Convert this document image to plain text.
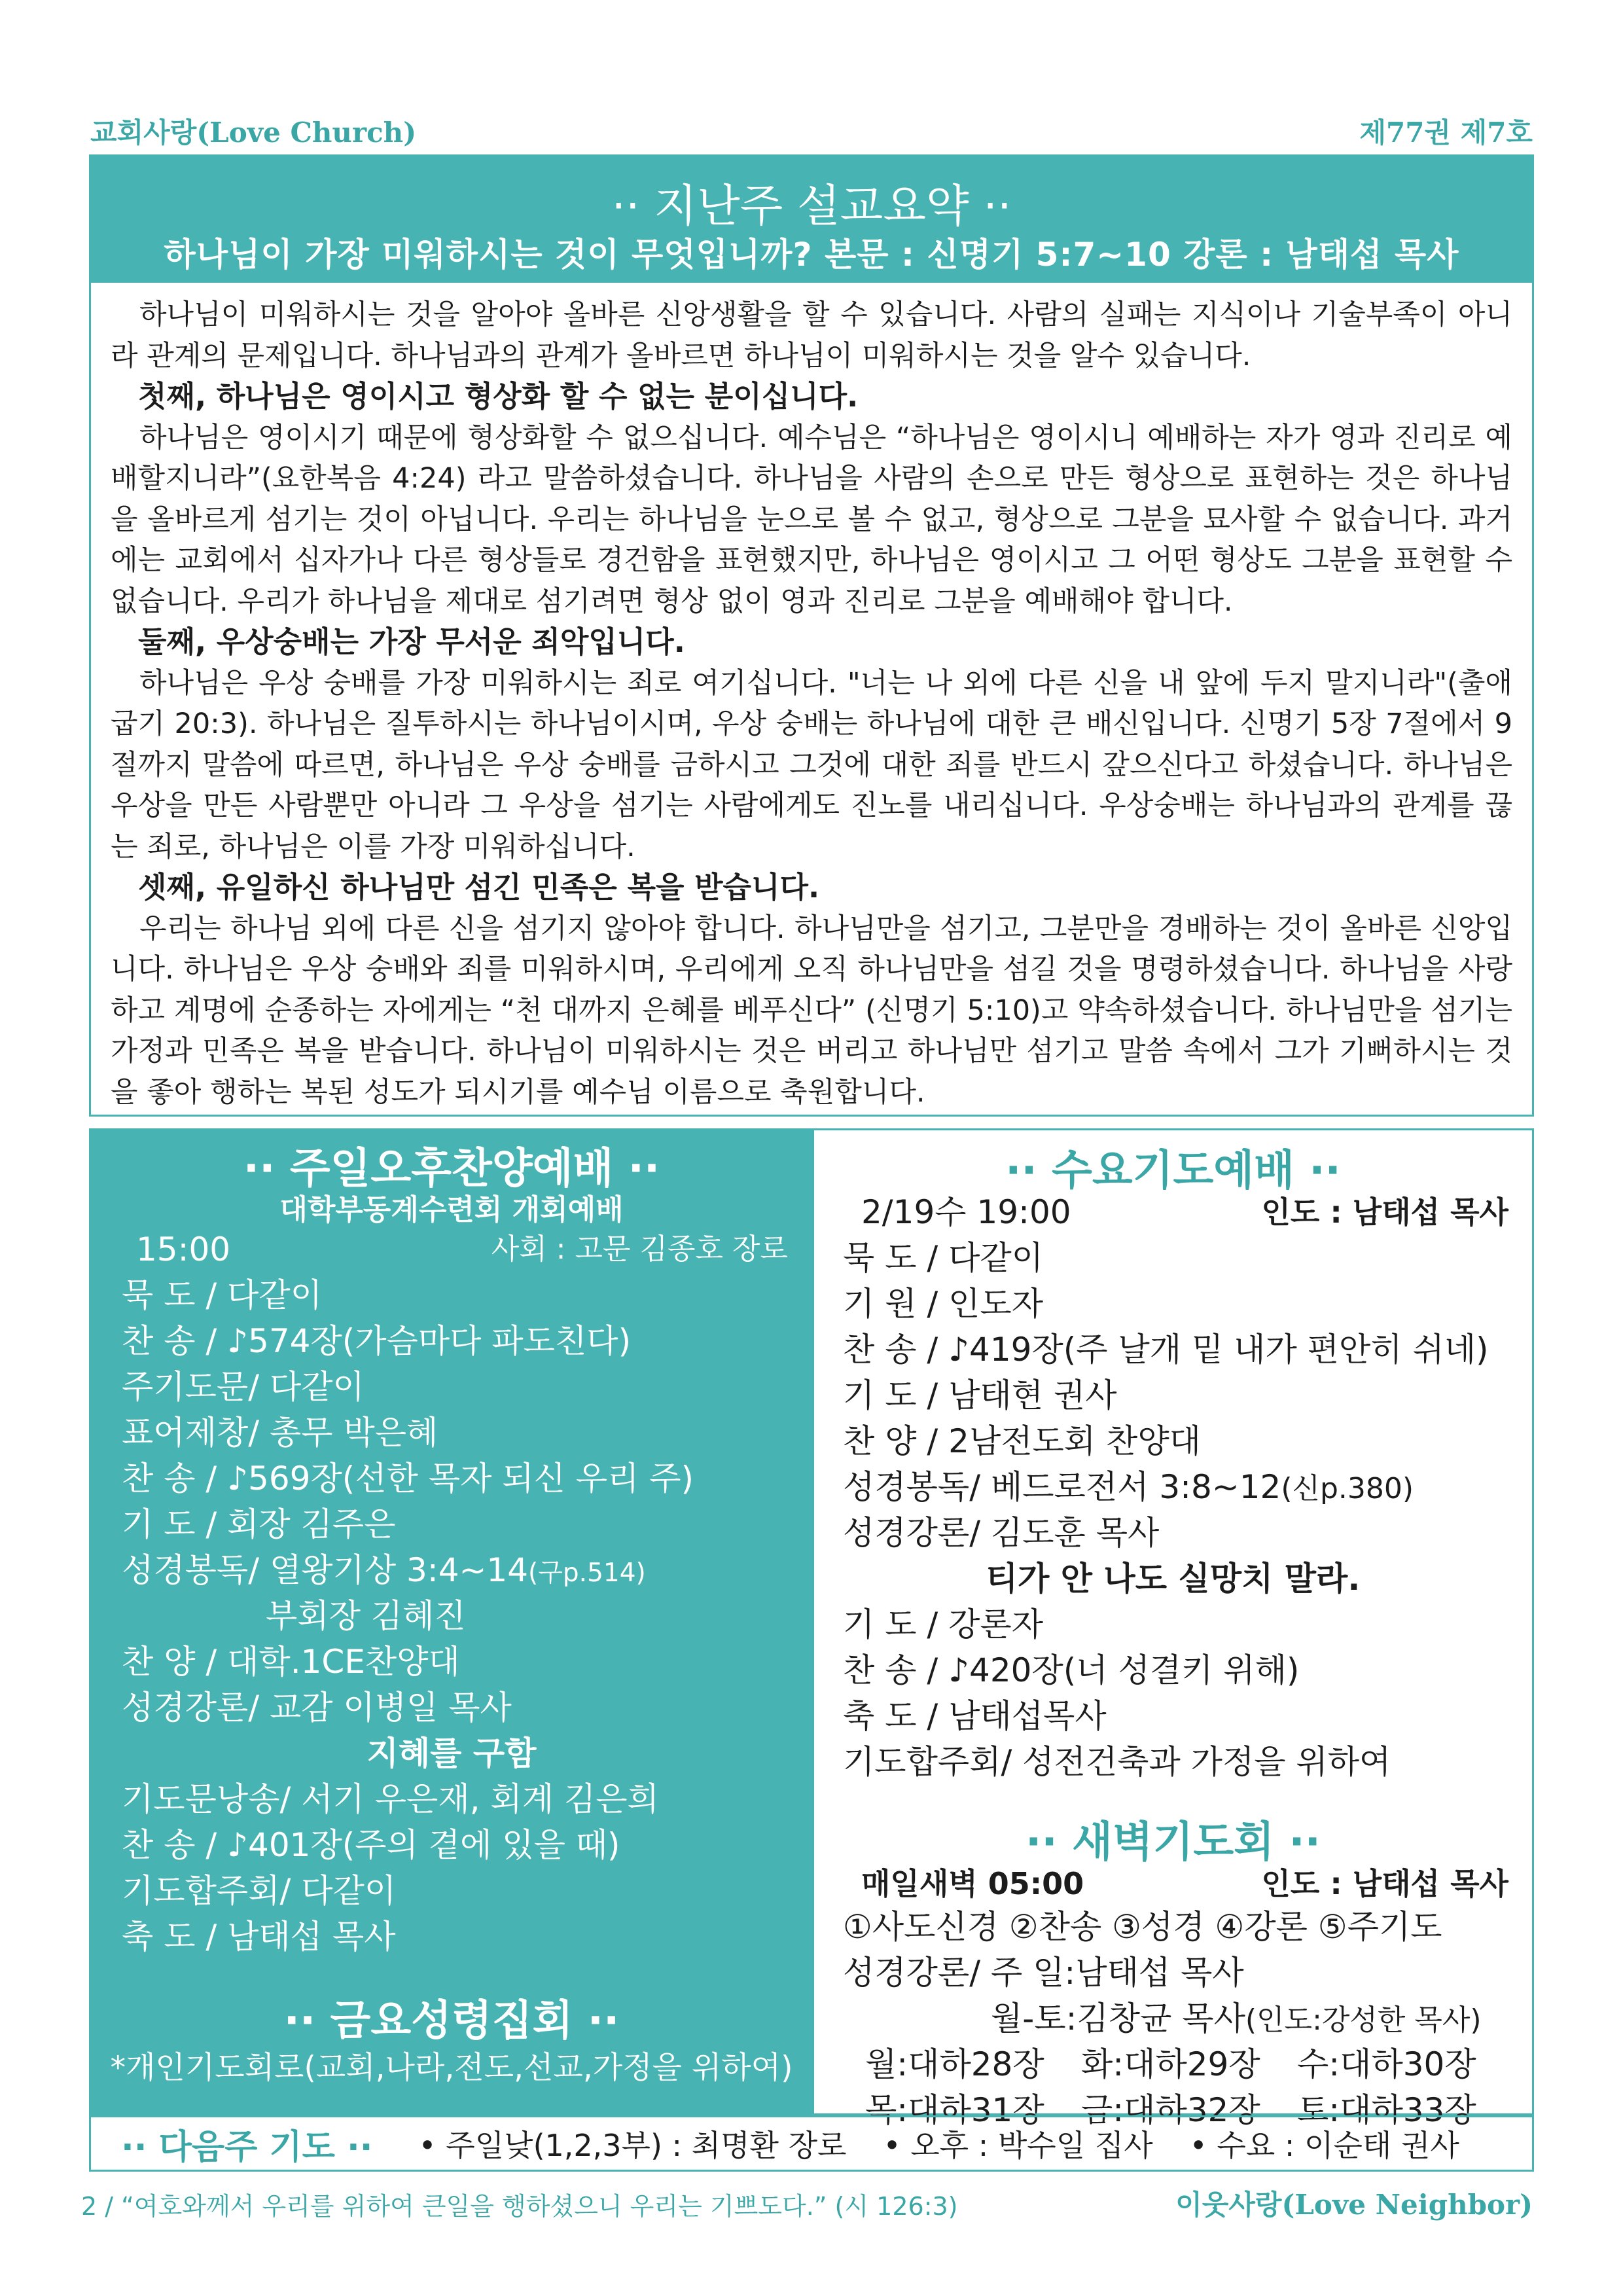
교회사랑(Love Church)	제77권 제7호
·· 지난주 설교요약 ··
하나님이 가장 미워하시는 것이 무엇입니까? 본문 : 신명기 5:7~10 강론 : 남태섭 목사

하나님이 미워하시는 것을 알아야 올바른 신앙생활을 할 수 있습니다. 사람의 실패는 지식이나 기술부족이 아니라 관계의 문제입니다. 하나님과의 관계가 올바르면 하나님이 미워하시는 것을 알수 있습니다.

첫째, 하나님은 영이시고 형상화 할 수 없는 분이십니다.

하나님은 영이시기 때문에 형상화할 수 없으십니다. 예수님은 “하나님은 영이시니 예배하는 자가 영과 진리로 예배할지니라”(요한복음 4:24) 라고 말씀하셨습니다. 하나님을 사람의 손으로 만든 형상으로 표현하는 것은 하나님을 올바르게 섬기는 것이 아닙니다. 우리는 하나님을 눈으로 볼 수 없고, 형상으로 그분을 묘사할 수 없습니다. 과거에는 교회에서 십자가나 다른 형상들로 경건함을 표현했지만, 하나님은 영이시고 그 어떤 형상도 그분을 표현할 수 없습니다. 우리가 하나님을 제대로 섬기려면 형상 없이 영과 진리로 그분을 예배해야 합니다.

둘째, 우상숭배는 가장 무서운 죄악입니다.

하나님은 우상 숭배를 가장 미워하시는 죄로 여기십니다. "너는 나 외에 다른 신을 내 앞에 두지 말지니라"(출애굽기 20:3). 하나님은 질투하시는 하나님이시며, 우상 숭배는 하나님에 대한 큰 배신입니다. 신명기 5장 7절에서 9절까지 말씀에 따르면, 하나님은 우상 숭배를 금하시고 그것에 대한 죄를 반드시 갚으신다고 하셨습니다. 하나님은 우상을 만든 사람뿐만 아니라 그 우상을 섬기는 사람에게도 진노를 내리십니다. 우상숭배는 하나님과의 관계를 끊는 죄로, 하나님은 이를 가장 미워하십니다.

셋째, 유일하신 하나님만 섬긴 민족은 복을 받습니다.

우리는 하나님 외에 다른 신을 섬기지 않아야 합니다. 하나님만을 섬기고, 그분만을 경배하는 것이 올바른 신앙입니다. 하나님은 우상 숭배와 죄를 미워하시며, 우리에게 오직 하나님만을 섬길 것을 명령하셨습니다. 하나님을 사랑하고 계명에 순종하는 자에게는 “천 대까지 은혜를 베푸신다” (신명기 5:10)고 약속하셨습니다. 하나님만을 섬기는 가정과 민족은 복을 받습니다. 하나님이 미워하시는 것은 버리고 하나님만 섬기고 말씀 속에서 그가 기뻐하시는 것을 좋아 행하는 복된 성도가 되시기를 예수님 이름으로 축원합니다.

·· 주일오후찬양예배 ··
대학부동계수련회 개회예배
15:00	사회 : 고문 김종호 장로
묵 도 / 다같이
찬 송 / ♪574장(가슴마다 파도친다)
주기도문/ 다같이
표어제창/ 총무 박은혜
찬 송 / ♪569장(선한 목자 되신 우리 주)
기 도 / 회장 김주은
성경봉독/ 열왕기상 3:4~14(구p.514)
부회장 김혜진
찬 양 / 대학.1CE찬양대
성경강론/ 교감 이병일 목사
지혜를 구함
기도문낭송/ 서기 우은재, 회계 김은희
찬 송 / ♪401장(주의 곁에 있을 때)
기도합주회/ 다같이
축 도 / 남태섭 목사
·· 금요성령집회 ··
*개인기도회로(교회,나라,전도,선교,가정을 위하여)
·· 수요기도예배 ··
2/19수 19:00	인도 : 남태섭 목사
묵 도 / 다같이
기 원 / 인도자
찬 송 / ♪419장(주 날개 밑 내가 편안히 쉬네)
기 도 / 남태현 권사
찬 양 / 2남전도회 찬양대
성경봉독/ 베드로전서 3:8~12(신p.380)
성경강론/ 김도훈 목사
티가 안 나도 실망치 말라.
기 도 / 강론자
찬 송 / ♪420장(너 성결키 위해)
축 도 / 남태섭목사
기도합주회/ 성전건축과 가정을 위하여
·· 새벽기도회 ··
매일새벽 05:00	인도 : 남태섭 목사
①사도신경 ②찬송 ③성경 ④강론 ⑤주기도
성경강론/ 주 일:남태섭 목사
월-토:김창균 목사(인도:강성한 목사)
월:대하28장	화:대하29장	수:대하30장
목:대하31장	금:대하32장	토:대하33장
·· 다음주 기도 ·· • 주일낮(1,2,3부) : 최명환 장로 • 오후 : 박수일 집사 • 수요 : 이순태 권사
2 / “여호와께서 우리를 위하여 큰일을 행하셨으니 우리는 기쁘도다.” (시 126:3)	이웃사랑(Love Neighbor)
